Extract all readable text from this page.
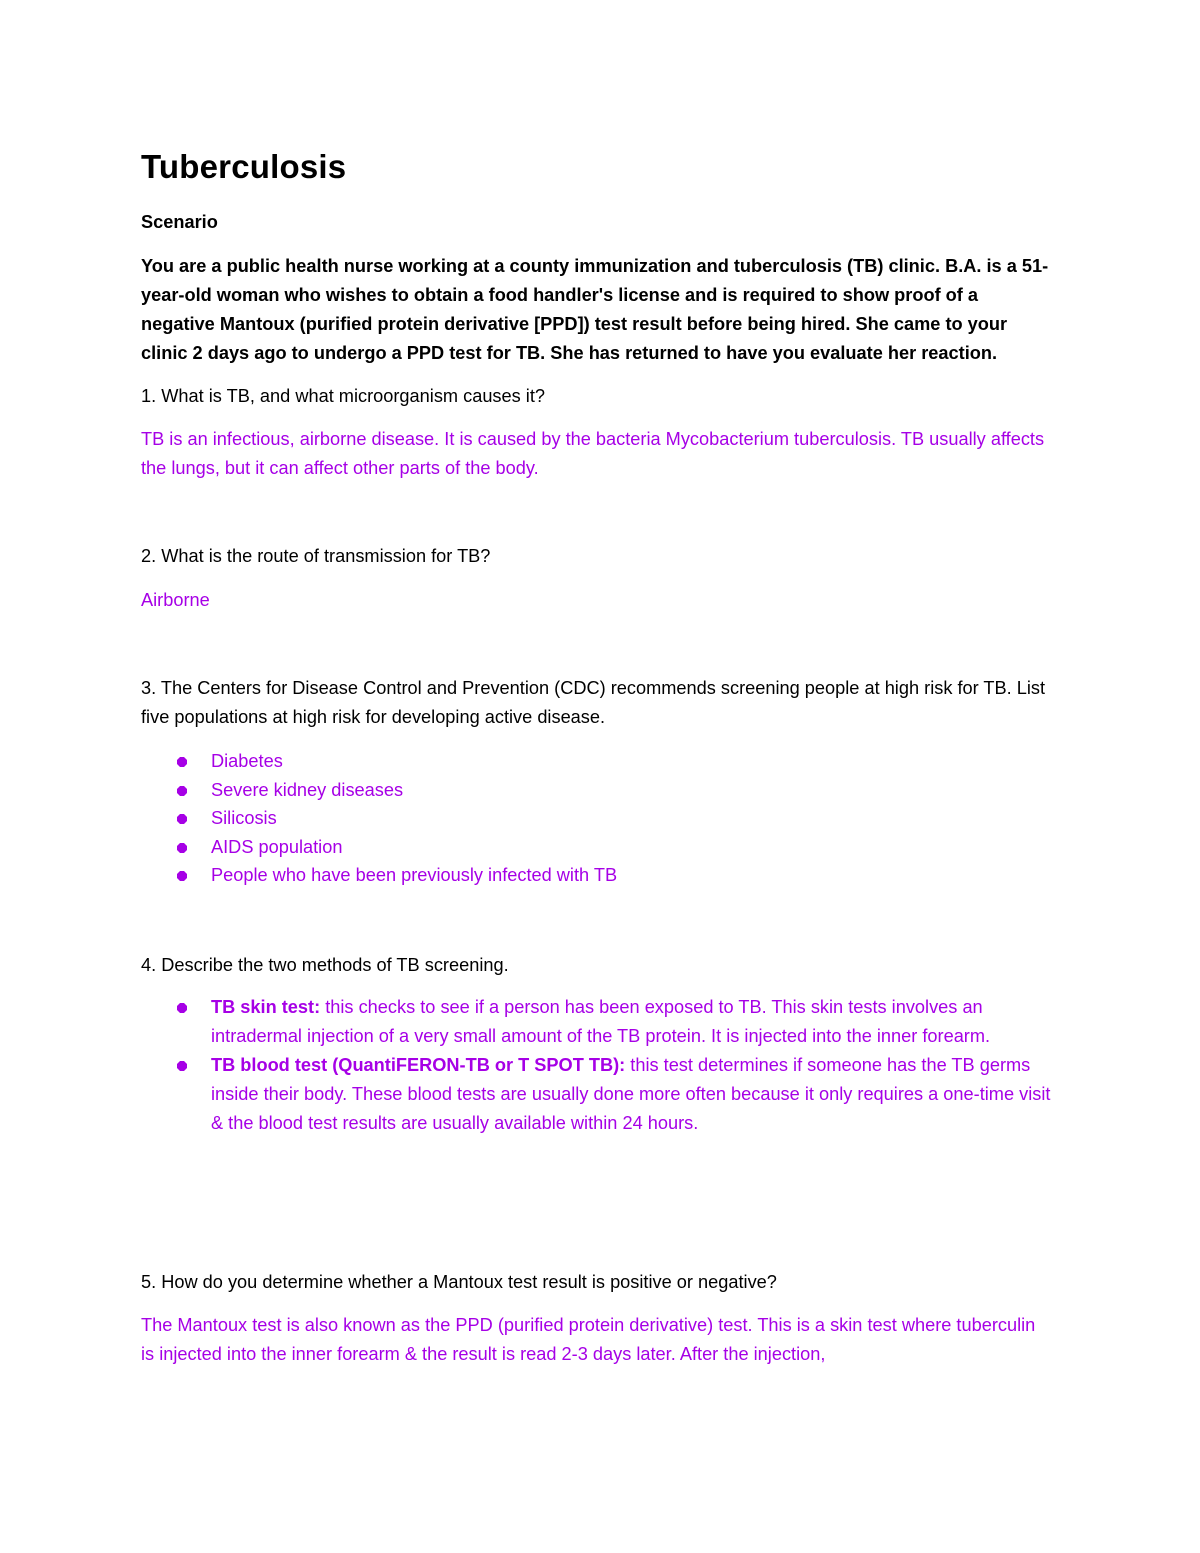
Tuberculosis

Scenario

You are a public health nurse working at a county immunization and tuberculosis (TB) clinic. B.A. is a 51-year-old woman who wishes to obtain a food handler's license and is required to show proof of a negative Mantoux (purified protein derivative [PPD]) test result before being hired. She came to your clinic 2 days ago to undergo a PPD test for TB. She has returned to have you evaluate her reaction.

1. What is TB, and what microorganism causes it?

TB is an infectious, airborne disease. It is caused by the bacteria Mycobacterium tuberculosis. TB usually affects the lungs, but it can affect other parts of the body.

2. What is the route of transmission for TB?

Airborne

3. The Centers for Disease Control and Prevention (CDC) recommends screening people at high risk for TB. List five populations at high risk for developing active disease.

Diabetes
Severe kidney diseases
Silicosis
AIDS population
People who have been previously infected with TB

4. Describe the two methods of TB screening.

TB skin test: this checks to see if a person has been exposed to TB. This skin tests involves an intradermal injection of a very small amount of the TB protein. It is injected into the inner forearm.
TB blood test (QuantiFERON-TB or T SPOT TB): this test determines if someone has the TB germs inside their body. These blood tests are usually done more often because it only requires a one-time visit & the blood test results are usually available within 24 hours.

5. How do you determine whether a Mantoux test result is positive or negative?

The Mantoux test is also known as the PPD (purified protein derivative) test. This is a skin test where tuberculin is injected into the inner forearm & the result is read 2-3 days later. After the injection,
